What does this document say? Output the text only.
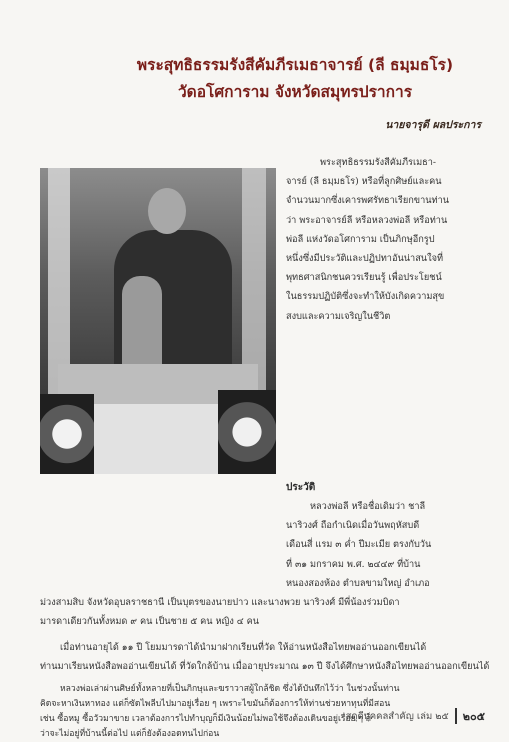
พระสุทธิธรรมรังสีคัมภีรเมธาจารย์ (ลี ธมฺมธโร)
วัดอโศการาม จังหวัดสมุทรปราการ
นายจารุดี ผลประการ
พระสุทธิธรรมรังสีคัมภีรเมธา-
จารย์ (ลี ธมฺมธโร) หรือที่ลูกศิษย์และคน
จำนวนมากซึ่งเคารพศรัทธาเรียกขานท่าน
ว่า พระอาจารย์ลี หรือหลวงพ่อลี หรือท่าน
พ่อลี แห่งวัดอโศการาม เป็นภิกษุอีกรูป
หนึ่งซึ่งมีประวัติและปฏิปทาอันน่าสนใจที่
พุทธศาสนิกชนควรเรียนรู้ เพื่อประโยชน์
ในธรรมปฏิบัติซึ่งจะทำให้บังเกิดความสุข
สงบและความเจริญในชีวิต
ประวัติ
หลวงพ่อลี หรือชื่อเดิมว่า ชาลี
นาริวงศ์ ถือกำเนิดเมื่อวันพฤหัสบดี
เดือนสี่ แรม ๓ ค่ำ ปีมะเมีย ตรงกับวัน
ที่ ๓๑ มกราคม พ.ศ. ๒๔๔๙ ที่บ้าน
หนองสองห้อง ตำบลขามใหญ่ อำเภอ
ม่วงสามสิบ จังหวัดอุบลราชธานี เป็นบุตรของนายปาว และนางพวย นาริวงศ์ มีพี่น้องร่วมบิดา
มารดาเดียวกันทั้งหมด ๙ คน เป็นชาย ๕ คน หญิง ๔ คน
เมื่อท่านอายุได้ ๑๑ ปี โยมมารดาได้นำมาฝากเรียนที่วัด ให้อ่านหนังสือไทยพออ่านออกเขียนได้
ท่านมาเรียนหนังสือพออ่านเขียนได้ ที่วัดใกล้บ้าน เมื่ออายุประมาณ ๑๓ ปี จึงได้ศึกษาหนังสือไทยพออ่านออกเขียนได้
สดุดีบุคคลสำคัญ เล่ม ๒๕ ๒๐๕
หลวงพ่อเล่าผ่านศิษย์ทั้งหลายที่เป็นภิกษุและฆราวาสผู้ใกล้ชิด ซึ่งได้บันทึกไว้ว่า ในช่วงนั้นท่าน
คิดจะหาเงินหาทอง แต่ก็ซัดไพลีบไปมาอยู่เรื่อย ๆ เพราะไขมันก็ต้องการให้ท่านช่วยหาทุนที่มีสอน
เช่น ซื้อหมู ซื้อวัวมาขาย เวลาต้องการไปทำบุญก็มีเงินน้อยไม่พอใช้จึงต้องเดินขอยู่เรื่อย ๆ ก็
ว่าจะไม่อยู่ที่บ้านนี้ต่อไป แต่ก็ยังต้องอดทนไปก่อน
